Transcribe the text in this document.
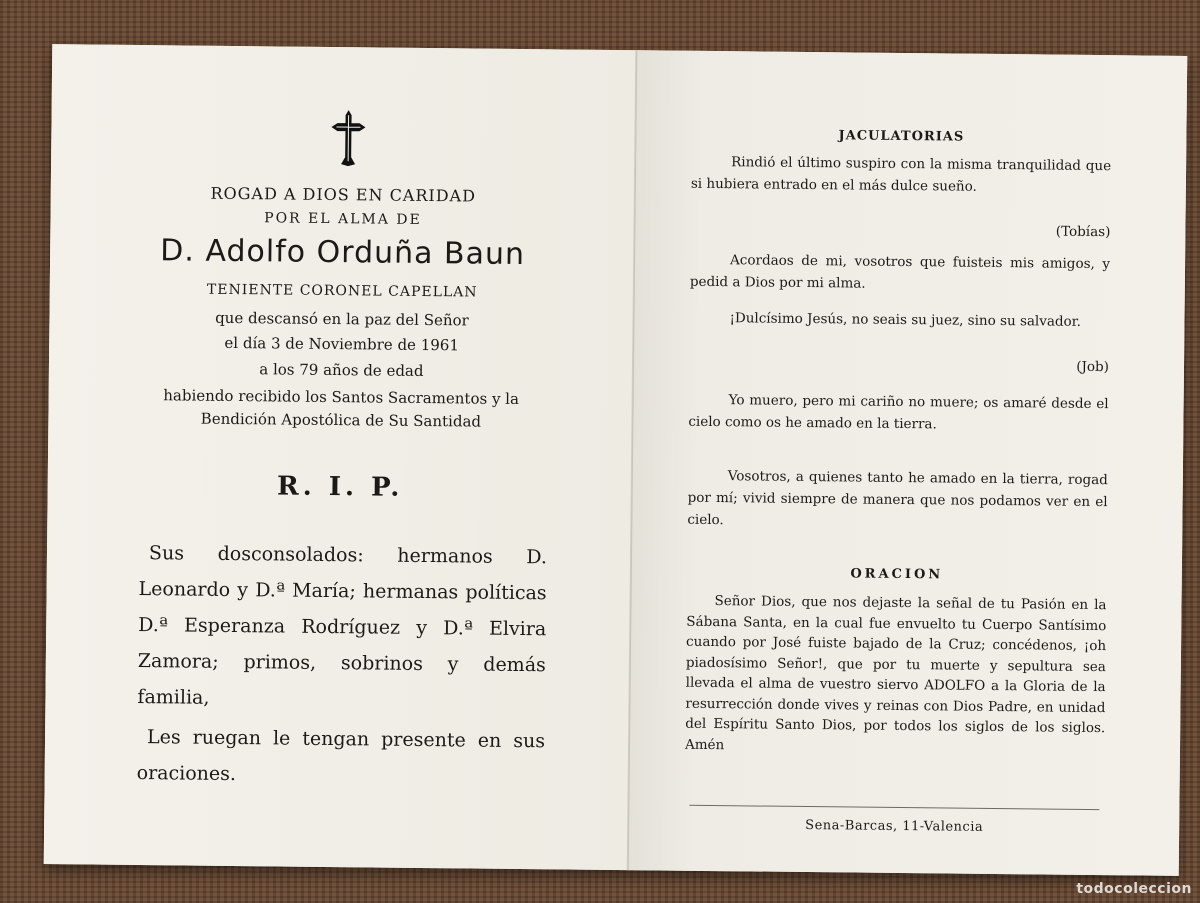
ROGAD A DIOS EN CARIDAD
POR EL ALMA DE
D. Adolfo Orduña Baun
TENIENTE CORONEL CAPELLAN
que descansó en la paz del Señor
el día 3 de Noviembre de 1961
a los 79 años de edad
habiendo recibido los Santos Sacramentos y la
Bendición Apostólica de Su Santidad
R. I. P.

Sus dosconsolados: hermanos D. Leonardo y D.ª María; hermanas políticas D.ª Esperanza Rodríguez y D.ª Elvira Zamora; primos, sobrinos y demás familia,

Les ruegan le tengan presente en sus oraciones.

JACULATORIAS

Rindió el último suspiro con la misma tranquilidad que si hubiera entrado en el más dulce sueño.

(Tobías)

Acordaos de mi, vosotros que fuisteis mis amigos, y pedid a Dios por mi alma.

¡Dulcísimo Jesús, no seais su juez, sino su salvador.

(Job)

Yo muero, pero mi cariño no muere; os amaré desde el cielo como os he amado en la tierra.

Vosotros, a quienes tanto he amado en la tierra, rogad por mí; vivid siempre de manera que nos podamos ver en el cielo.

ORACION

Señor Dios, que nos dejaste la señal de tu Pasión en la Sábana Santa, en la cual fue envuelto tu Cuerpo Santísimo cuando por José fuiste bajado de la Cruz; concédenos, ¡oh piadosísimo Señor!, que por tu muerte y sepultura sea llevada el alma de vuestro siervo ADOLFO a la Gloria de la resurrección donde vives y reinas con Dios Padre, en unidad del Espíritu Santo Dios, por todos los siglos de los siglos. Amén

Sena-Barcas, 11-Valencia
todocoleccion
